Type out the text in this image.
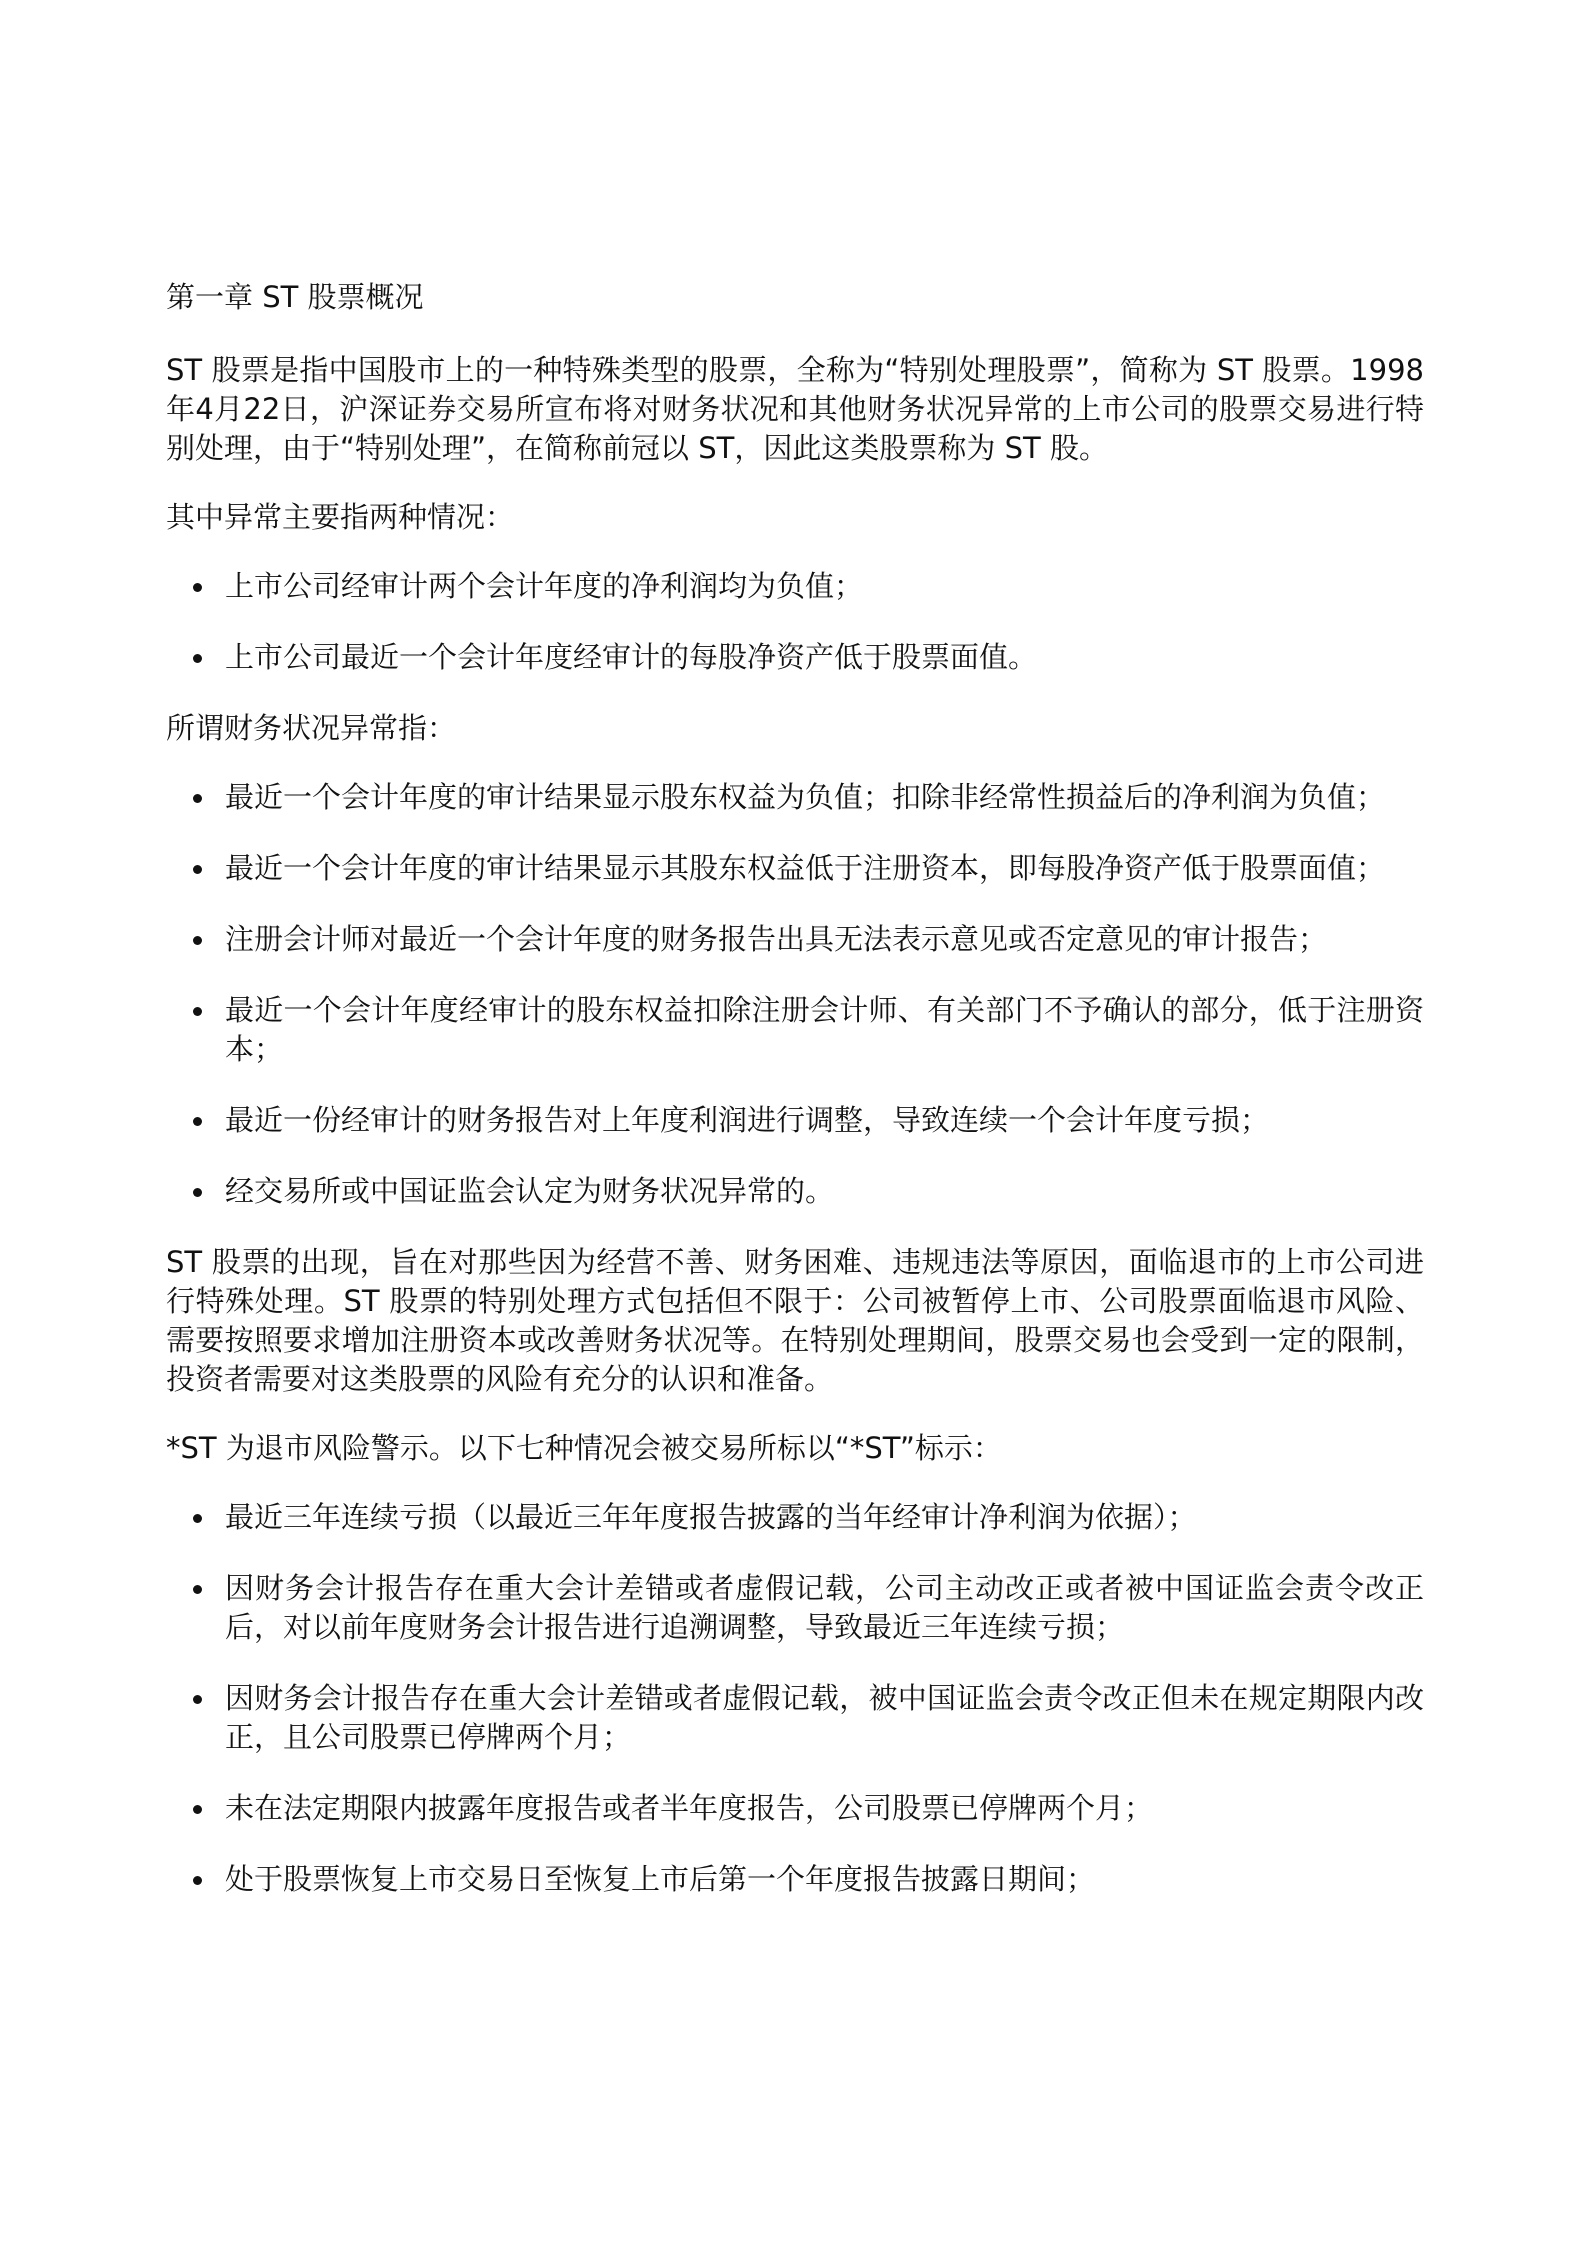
第一章 ST 股票概况

ST 股票是指中国股市上的一种特殊类型的股票，全称为“特别处理股票”，简称为 ST 股票。1998年4月22日，沪深证券交易所宣布将对财务状况和其他财务状况异常的上市公司的股票交易进行特别处理，由于“特别处理”，在简称前冠以 ST，因此这类股票称为 ST 股。

其中异常主要指两种情况：

上市公司经审计两个会计年度的净利润均为负值；
上市公司最近一个会计年度经审计的每股净资产低于股票面值。

所谓财务状况异常指：

最近一个会计年度的审计结果显示股东权益为负值；扣除非经常性损益后的净利润为负值；
最近一个会计年度的审计结果显示其股东权益低于注册资本，即每股净资产低于股票面值；
注册会计师对最近一个会计年度的财务报告出具无法表示意见或否定意见的审计报告；
最近一个会计年度经审计的股东权益扣除注册会计师、有关部门不予确认的部分，低于注册资本；
最近一份经审计的财务报告对上年度利润进行调整，导致连续一个会计年度亏损；
经交易所或中国证监会认定为财务状况异常的。

ST 股票的出现，旨在对那些因为经营不善、财务困难、违规违法等原因，面临退市的上市公司进行特殊处理。ST 股票的特别处理方式包括但不限于：公司被暂停上市、公司股票面临退市风险、需要按照要求增加注册资本或改善财务状况等。在特别处理期间，股票交易也会受到一定的限制，投资者需要对这类股票的风险有充分的认识和准备。

*ST 为退市风险警示。以下七种情况会被交易所标以“*ST”标示：

最近三年连续亏损（以最近三年年度报告披露的当年经审计净利润为依据）；
因财务会计报告存在重大会计差错或者虚假记载，公司主动改正或者被中国证监会责令改正后，对以前年度财务会计报告进行追溯调整，导致最近三年连续亏损；
因财务会计报告存在重大会计差错或者虚假记载，被中国证监会责令改正但未在规定期限内改正，且公司股票已停牌两个月；
未在法定期限内披露年度报告或者半年度报告，公司股票已停牌两个月；
处于股票恢复上市交易日至恢复上市后第一个年度报告披露日期间；
